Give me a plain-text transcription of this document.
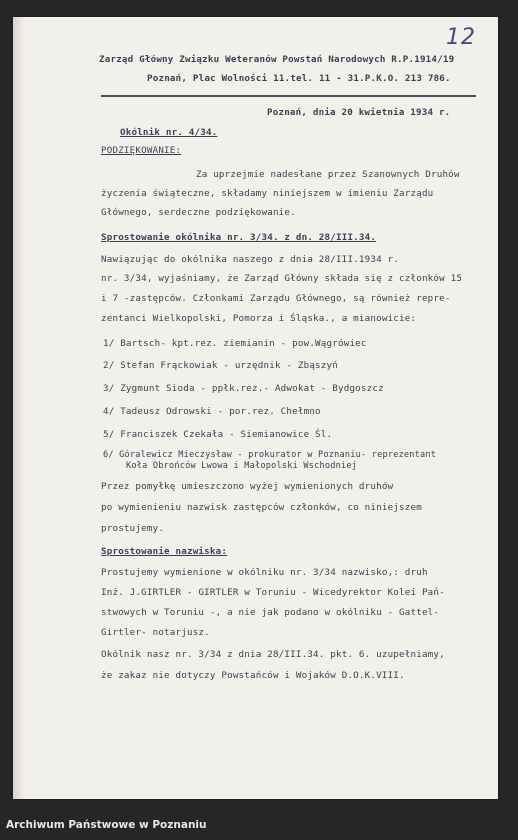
12
Zarząd Główny Związku Weteranów Powstań Narodowych R.P.1914/19
Poznań, Plac Wolności 11.tel. 11 - 31.P.K.O. 213 786.
Poznań, dnia 20 kwietnia 1934 r.
Okólnik nr. 4/34.
PODZIĘKOWANIE:
Za uprzejmie nadesłane przez Szanownych Druhów
życzenia świąteczne, składamy niniejszem w imieniu Zarządu
Głównego, serdeczne podziękowanie.
Sprostowanie okólnika nr. 3/34. z dn. 28/III.34.
Nawiązując do okólnika naszego z dnia 28/III.1934 r.
nr. 3/34, wyjaśniamy, że Zarząd Główny składa się z członków 15
i 7 -zastępców. Członkami Zarządu Głównego, są również repre-
zentanci Wielkopolski, Pomorza i Śląska., a mianowicie:
1/ Bartsch- kpt.rez. ziemianin - pow.Wągrówiec
2/ Stefan Frąckowiak - urzędnik - Zbąszyń
3/ Zygmunt Sioda - ppłk.rez.- Adwokat - Bydgoszcz
4/ Tadeusz Odrowski - por.rez. Chełmno
5/ Franciszek Czekała - Siemianowice Śl.
6/ Góralewicz Mieczysław - prokurator w Poznaniu- reprezentant
Koła Obrońców Lwowa i Małopolski Wschodniej
Przez pomyłkę umieszczono wyżej wymienionych druhów
po wymienieniu nazwisk zastępców członków, co niniejszem
prostujemy.
Sprostowanie nazwiska:
Prostujemy wymienione w okólniku nr. 3/34 nazwisko,: druh
Inż. J.GIRTLER - GIRTLER w Toruniu - Wicedyrektor Kolei Pań-
stwowych w Toruniu -, a nie jak podano w okólniku - Gattel-
Girtler- notarjusz.
Okólnik nasz nr. 3/34 z dnia 28/III.34. pkt. 6. uzupełniamy,
że zakaz nie dotyczy Powstańców i Wojaków D.O.K.VIII.
Archiwum Państwowe w Poznaniu
